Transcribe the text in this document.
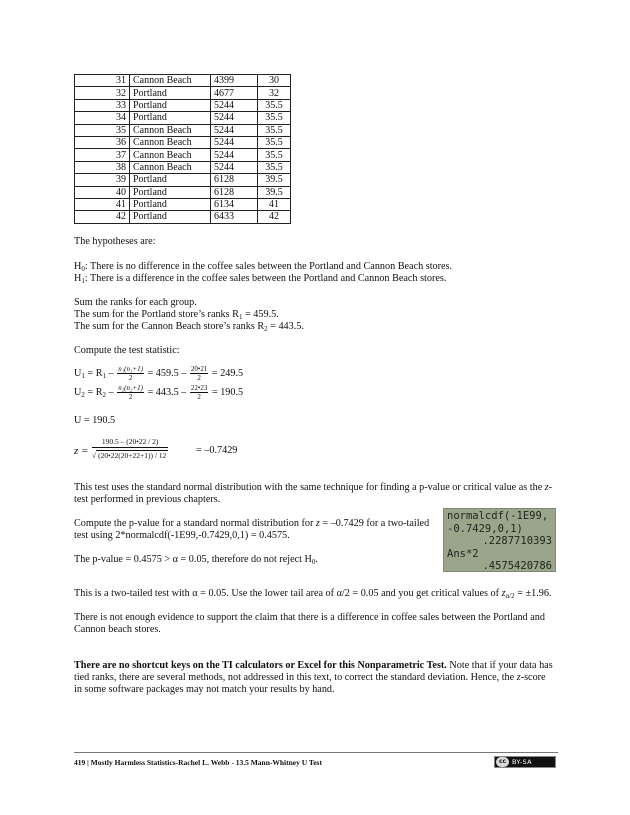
31	Cannon Beach	4399	30
32	Portland	4677	32
33	Portland	5244	35.5
34	Portland	5244	35.5
35	Cannon Beach	5244	35.5
36	Cannon Beach	5244	35.5
37	Cannon Beach	5244	35.5
38	Cannon Beach	5244	35.5
39	Portland	6128	39.5
40	Portland	6128	39.5
41	Portland	6134	41
42	Portland	6433	42
The hypotheses are:
$H_0$: There is no difference in the coffee sales between the Portland and Cannon Beach stores.
$H_1$: There is a difference in the coffee sales between the Portland and Cannon Beach stores.
Sum the ranks for each group.
The sum for the Portland store’s ranks $R_1 = 459.5$.
The sum for the Cannon Beach store’s ranks $R_2 = 443.5$.
Compute the test statistic:
$U_1 = R_1 - \frac{\text{n₁(n₁+1)}}{2} = 459.5 - \frac{20•21}{2} = 249.5$
$U_2 = R_2 - \frac{\text{n₂(n₂+1)}}{2} = 443.5 - \frac{22•23}{2} = 190.5$
U = 190.5
$z = \frac{190.5 - (20•22 / 2)}{√ (20•22(20+22+1)) / 12}$	= –0.7429
This test uses the standard normal distribution with the same technique for finding a p-value or critical value as the z-
test performed in previous chapters.
Compute the p-value for a standard normal distribution for z = –0.7429 for a two-tailed
test using 2*normalcdf(-1E99,-0.7429,0,1) = 0.4575.
The p-value = 0.4575 > α = 0.05, therefore do not reject $H_0$.
normalcdf(-1E99,
-0.7429,0,1)
.2287710393
Ans*2
.4575420786
This is a two-tailed test with α = 0.05. Use the lower tail area of α/2 = 0.05 and you get critical values of $z_{\alpha/2} = \pm 1.96$.
There is not enough evidence to support the claim that there is a difference in coffee sales between the Portland and
Cannon beach stores.
There are no shortcut keys on the TI calculators or Excel for this Nonparametric Test. Note that if your data has
tied ranks, there are several methods, not addressed in this text, to correct the standard deviation. Hence, the z-score
in some software packages may not match your results by hand.
419 | Mostly Harmless Statistics-Rachel L. Webb - 13.5 Mann-Whitney U Test	cc BY-SA
